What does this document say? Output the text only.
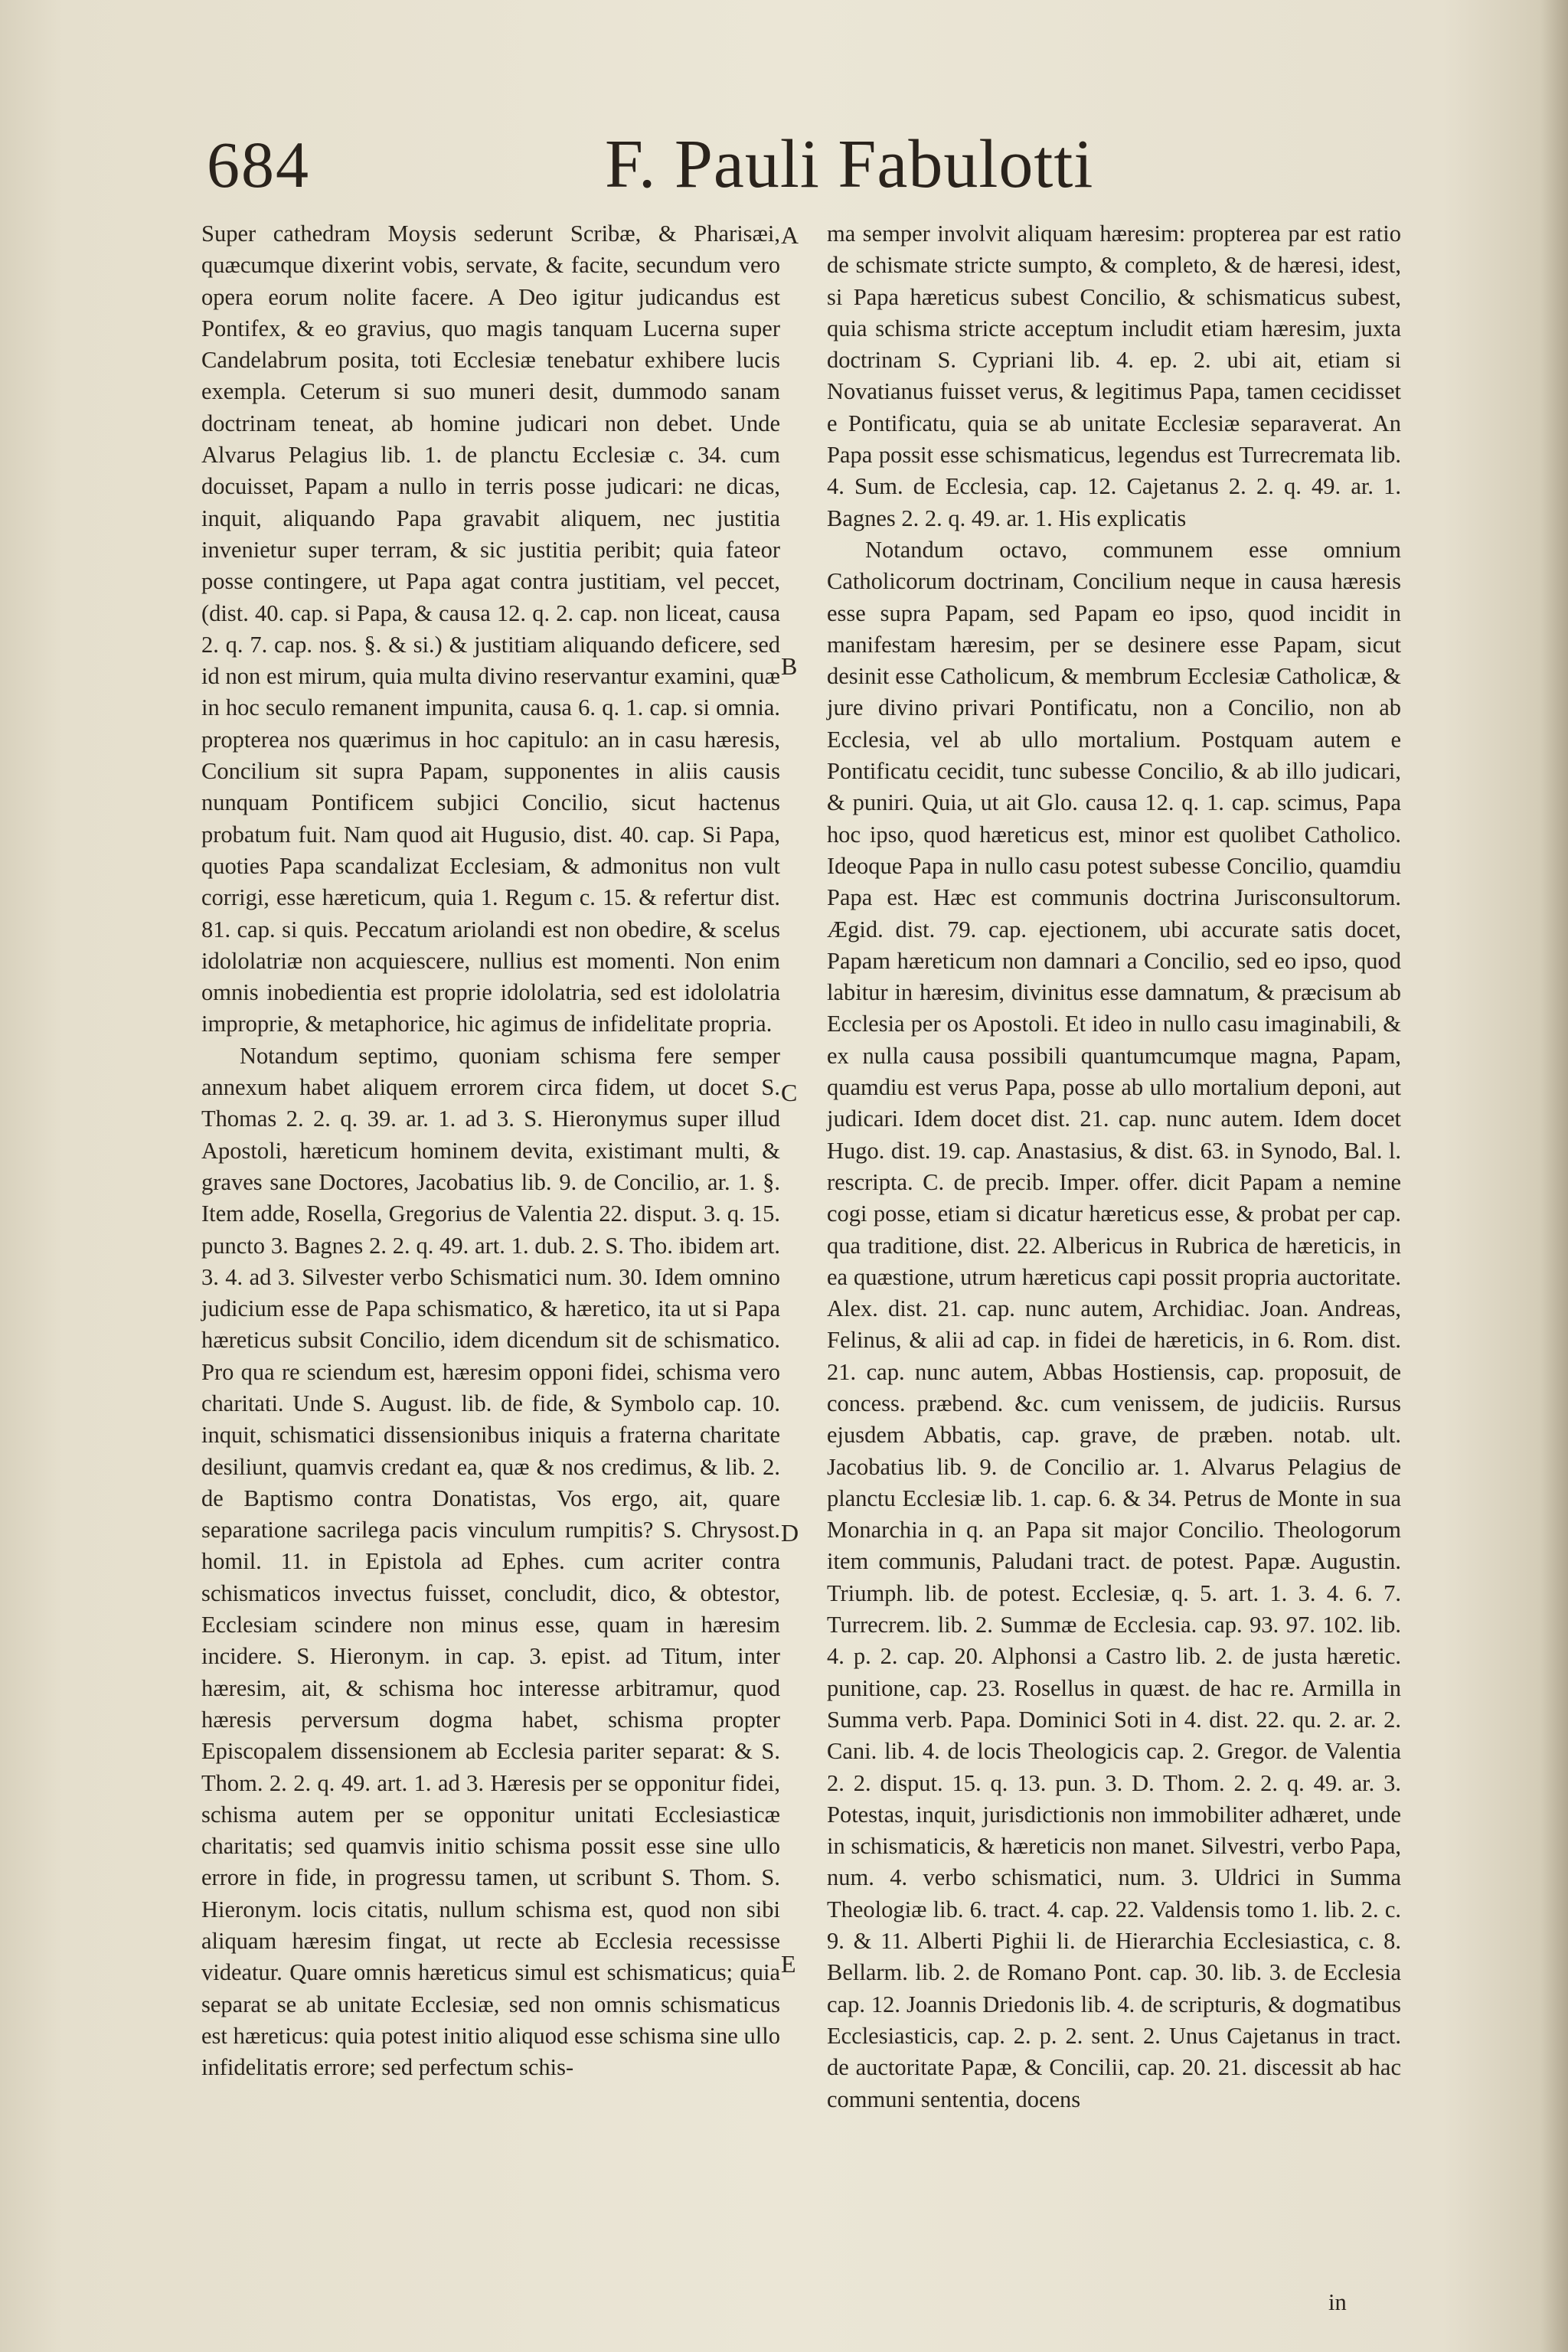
684	F. Pauli Fabulotti

Super cathedram Moysis sederunt Scribæ, & Pharisæi, quæcumque dixerint vobis, servate, & facite, secundum vero opera eorum nolite facere. A Deo igitur judicandus est Pontifex, & eo gravius, quo magis tanquam Lucerna super Candelabrum posita, toti Ecclesiæ tenebatur exhibere lucis exempla. Ceterum si suo muneri desit, dummodo sanam doctrinam teneat, ab homine judicari non debet. Unde Alvarus Pelagius lib. 1. de planctu Ecclesiæ c. 34. cum docuisset, Papam a nullo in terris posse judicari: ne dicas, inquit, aliquando Papa gravabit aliquem, nec justitia invenietur super terram, & sic justitia peribit; quia fateor posse contingere, ut Papa agat contra justitiam, vel peccet, (dist. 40. cap. si Papa, & causa 12. q. 2. cap. non liceat, causa 2. q. 7. cap. nos. §. & si.) & justitiam aliquando deficere, sed id non est mirum, quia multa divino reservantur examini, quæ in hoc seculo remanent impunita, causa 6. q. 1. cap. si omnia. propterea nos quærimus in hoc capitulo: an in casu hæresis, Concilium sit supra Papam, supponentes in aliis causis nunquam Pontificem subjici Concilio, sicut hactenus probatum fuit. Nam quod ait Hugusio, dist. 40. cap. Si Papa, quoties Papa scandalizat Ecclesiam, & admonitus non vult corrigi, esse hæreticum, quia 1. Regum c. 15. & refertur dist. 81. cap. si quis. Peccatum ariolandi est non obedire, & scelus idololatriæ non acquiescere, nullius est momenti. Non enim omnis inobedientia est proprie idololatria, sed est idololatria improprie, & metaphorice, hic agimus de infidelitate propria.

Notandum septimo, quoniam schisma fere semper annexum habet aliquem errorem circa fidem, ut docet S. Thomas 2. 2. q. 39. ar. 1. ad 3. S. Hieronymus super illud Apostoli, hæreticum hominem devita, existimant multi, & graves sane Doctores, Jacobatius lib. 9. de Concilio, ar. 1. §. Item adde, Rosella, Gregorius de Valentia 22. disput. 3. q. 15. puncto 3. Bagnes 2. 2. q. 49. art. 1. dub. 2. S. Tho. ibidem art. 3. 4. ad 3. Silvester verbo Schismatici num. 30. Idem omnino judicium esse de Papa schismatico, & hæretico, ita ut si Papa hæreticus subsit Concilio, idem dicendum sit de schismatico. Pro qua re sciendum est, hæresim opponi fidei, schisma vero charitati. Unde S. August. lib. de fide, & Symbolo cap. 10. inquit, schismatici dissensionibus iniquis a fraterna charitate desiliunt, quamvis credant ea, quæ & nos credimus, & lib. 2. de Baptismo contra Donatistas, Vos ergo, ait, quare separatione sacrilega pacis vinculum rumpitis? S. Chrysost. homil. 11. in Epistola ad Ephes. cum acriter contra schismaticos invectus fuisset, concludit, dico, & obtestor, Ecclesiam scindere non minus esse, quam in hæresim incidere. S. Hieronym. in cap. 3. epist. ad Titum, inter hæresim, ait, & schisma hoc interesse arbitramur, quod hæresis perversum dogma habet, schisma propter Episcopalem dissensionem ab Ecclesia pariter separat: & S. Thom. 2. 2. q. 49. art. 1. ad 3. Hæresis per se opponitur fidei, schisma autem per se opponitur unitati Ecclesiasticæ charitatis; sed quamvis initio schisma possit esse sine ullo errore in fide, in progressu tamen, ut scribunt S. Thom. S. Hieronym. locis citatis, nullum schisma est, quod non sibi aliquam hæresim fingat, ut recte ab Ecclesia recessisse videatur. Quare omnis hæreticus simul est schismaticus; quia separat se ab unitate Ecclesiæ, sed non omnis schismaticus est hæreticus: quia potest initio aliquod esse schisma sine ullo infidelitatis errore; sed perfectum schis-

A
B
C
D
E

ma semper involvit aliquam hæresim: propterea par est ratio de schismate stricte sumpto, & completo, & de hæresi, idest, si Papa hæreticus subest Concilio, & schismaticus subest, quia schisma stricte acceptum includit etiam hæresim, juxta doctrinam S. Cypriani lib. 4. ep. 2. ubi ait, etiam si Novatianus fuisset verus, & legitimus Papa, tamen cecidisset e Pontificatu, quia se ab unitate Ecclesiæ separaverat. An Papa possit esse schismaticus, legendus est Turrecremata lib. 4. Sum. de Ecclesia, cap. 12. Cajetanus 2. 2. q. 49. ar. 1. Bagnes 2. 2. q. 49. ar. 1. His explicatis

Notandum octavo, communem esse omnium Catholicorum doctrinam, Concilium neque in causa hæresis esse supra Papam, sed Papam eo ipso, quod incidit in manifestam hæresim, per se desinere esse Papam, sicut desinit esse Catholicum, & membrum Ecclesiæ Catholicæ, & jure divino privari Pontificatu, non a Concilio, non ab Ecclesia, vel ab ullo mortalium. Postquam autem e Pontificatu cecidit, tunc subesse Concilio, & ab illo judicari, & puniri. Quia, ut ait Glo. causa 12. q. 1. cap. scimus, Papa hoc ipso, quod hæreticus est, minor est quolibet Catholico. Ideoque Papa in nullo casu potest subesse Concilio, quamdiu Papa est. Hæc est communis doctrina Jurisconsultorum. Ægid. dist. 79. cap. ejectionem, ubi accurate satis docet, Papam hæreticum non damnari a Concilio, sed eo ipso, quod labitur in hæresim, divinitus esse damnatum, & præcisum ab Ecclesia per os Apostoli. Et ideo in nullo casu imaginabili, & ex nulla causa possibili quantumcumque magna, Papam, quamdiu est verus Papa, posse ab ullo mortalium deponi, aut judicari. Idem docet dist. 21. cap. nunc autem. Idem docet Hugo. dist. 19. cap. Anastasius, & dist. 63. in Synodo, Bal. l. rescripta. C. de precib. Imper. offer. dicit Papam a nemine cogi posse, etiam si dicatur hæreticus esse, & probat per cap. qua traditione, dist. 22. Albericus in Rubrica de hæreticis, in ea quæstione, utrum hæreticus capi possit propria auctoritate. Alex. dist. 21. cap. nunc autem, Archidiac. Joan. Andreas, Felinus, & alii ad cap. in fidei de hæreticis, in 6. Rom. dist. 21. cap. nunc autem, Abbas Hostiensis, cap. proposuit, de concess. præbend. &c. cum venissem, de judiciis. Rursus ejusdem Abbatis, cap. grave, de præben. notab. ult. Jacobatius lib. 9. de Concilio ar. 1. Alvarus Pelagius de planctu Ecclesiæ lib. 1. cap. 6. & 34. Petrus de Monte in sua Monarchia in q. an Papa sit major Concilio. Theologorum item communis, Paludani tract. de potest. Papæ. Augustin. Triumph. lib. de potest. Ecclesiæ, q. 5. art. 1. 3. 4. 6. 7. Turrecrem. lib. 2. Summæ de Ecclesia. cap. 93. 97. 102. lib. 4. p. 2. cap. 20. Alphonsi a Castro lib. 2. de justa hæretic. punitione, cap. 23. Rosellus in quæst. de hac re. Armilla in Summa verb. Papa. Dominici Soti in 4. dist. 22. qu. 2. ar. 2. Cani. lib. 4. de locis Theologicis cap. 2. Gregor. de Valentia 2. 2. disput. 15. q. 13. pun. 3. D. Thom. 2. 2. q. 49. ar. 3. Potestas, inquit, jurisdictionis non immobiliter adhæret, unde in schismaticis, & hæreticis non manet. Silvestri, verbo Papa, num. 4. verbo schismatici, num. 3. Uldrici in Summa Theologiæ lib. 6. tract. 4. cap. 22. Valdensis tomo 1. lib. 2. c. 9. & 11. Alberti Pighii li. de Hierarchia Ecclesiastica, c. 8. Bellarm. lib. 2. de Romano Pont. cap. 30. lib. 3. de Ecclesia cap. 12. Joannis Driedonis lib. 4. de scripturis, & dogmatibus Ecclesiasticis, cap. 2. p. 2. sent. 2. Unus Cajetanus in tract. de auctoritate Papæ, & Concilii, cap. 20. 21. discessit ab hac communi sententia, docens

in
